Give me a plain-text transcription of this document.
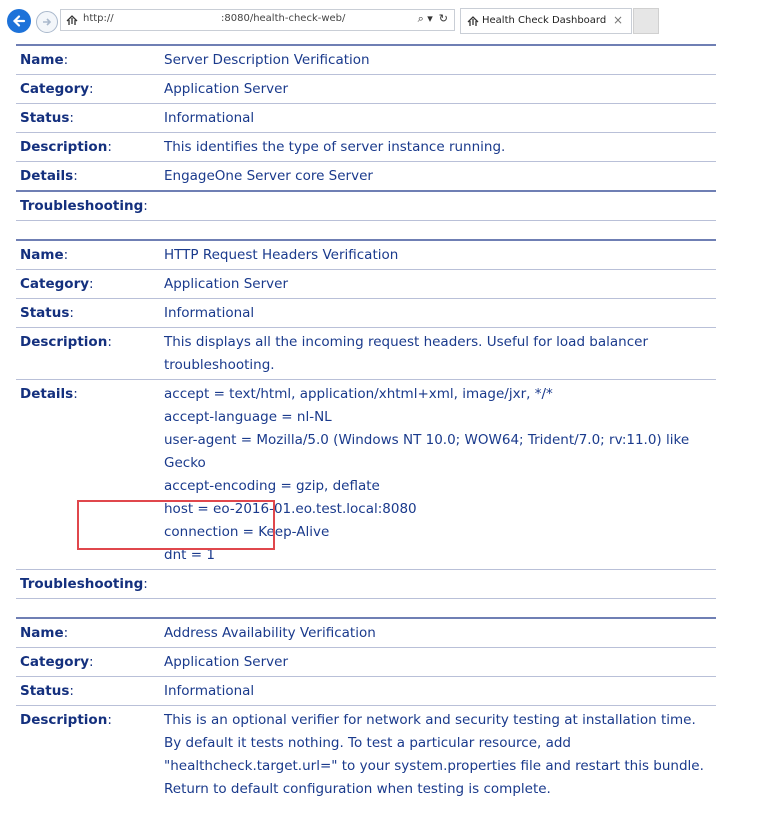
http://	:8080/health-check-web/	⌕ ▾ ↻	Health Check Dashboard ×
Name:	Server Description Verification
Category:	Application Server
Status:	Informational
Description:	This identifies the type of server instance running.
Details:	EngageOne Server core Server
Troubleshooting:
Name:	HTTP Request Headers Verification
Category:	Application Server
Status:	Informational
Description:	This displays all the incoming request headers. Useful for load balancer
troubleshooting.
Details:	accept = text/html, application/xhtml+xml, image/jxr, */*
accept-language = nl-NL
user-agent = Mozilla/5.0 (Windows NT 10.0; WOW64; Trident/7.0; rv:11.0) like
Gecko
accept-encoding = gzip, deflate
host = eo-2016-01.eo.test.local:8080
connection = Keep-Alive
dnt = 1
Troubleshooting:
Name:	Address Availability Verification
Category:	Application Server
Status:	Informational
Description:	This is an optional verifier for network and security testing at installation time.
By default it tests nothing. To test a particular resource, add
"healthcheck.target.url=" to your system.properties file and restart this bundle.
Return to default configuration when testing is complete.
